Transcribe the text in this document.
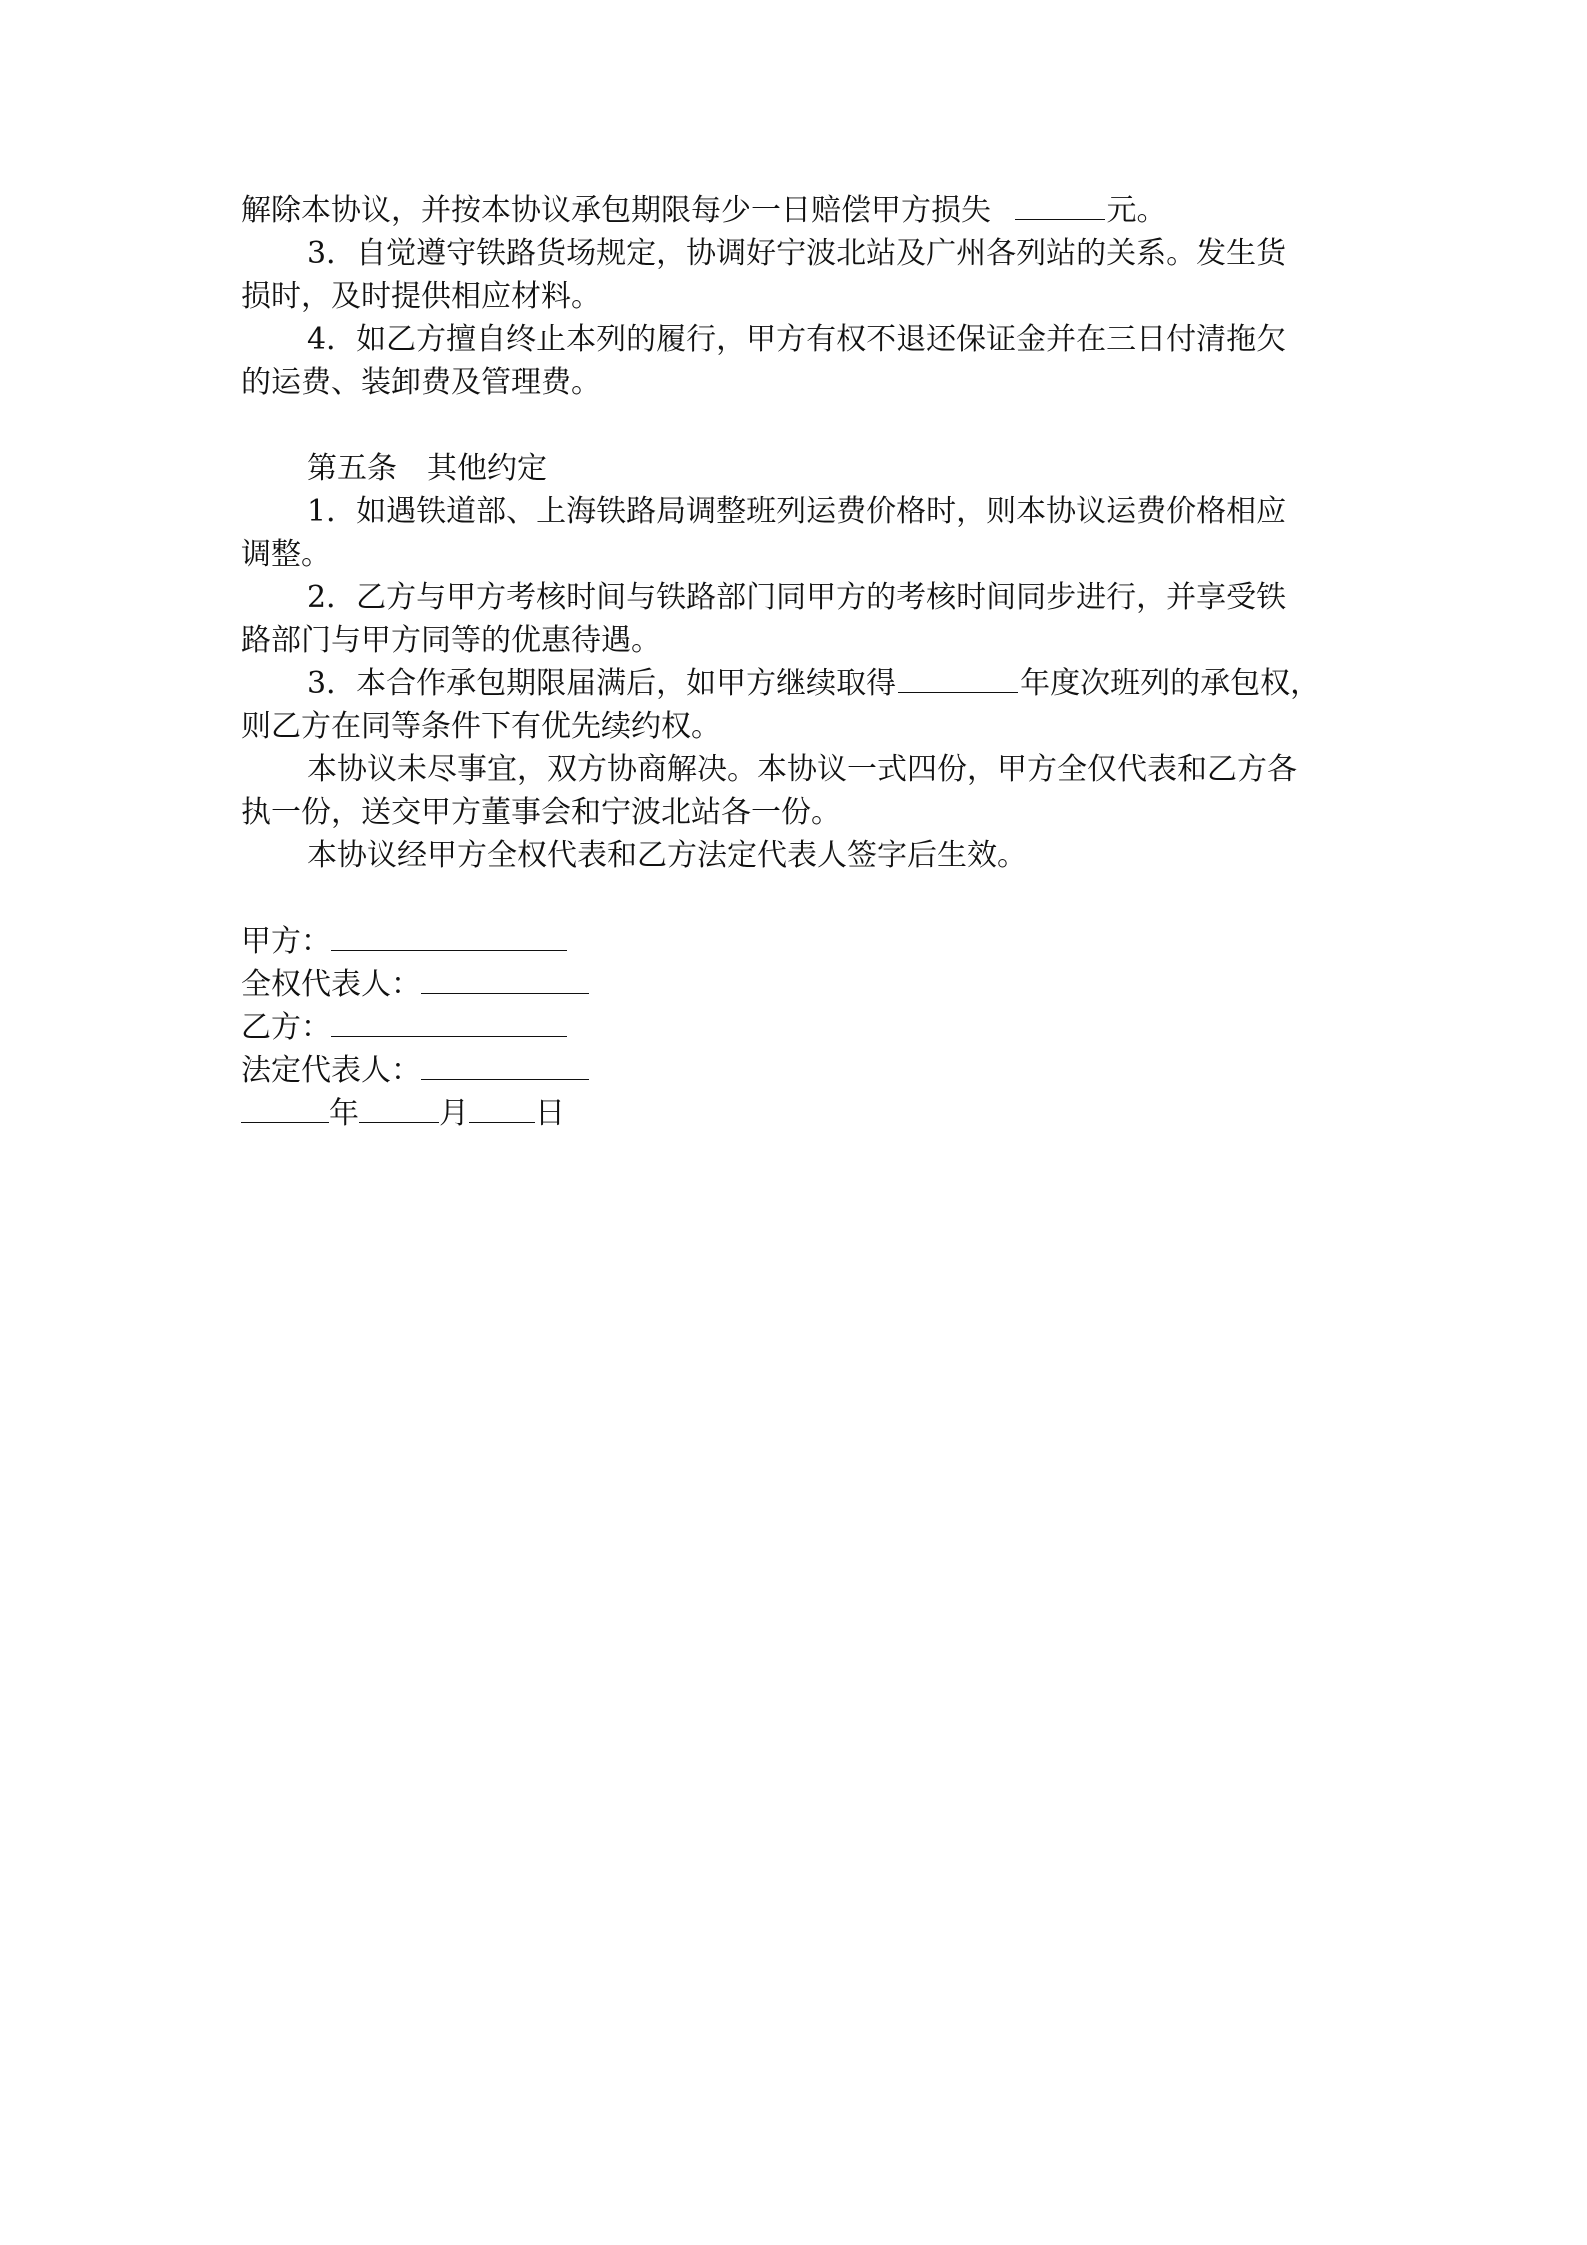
解除本协议，并按本协议承包期限每少一日赔偿甲方损失	元。

3．自觉遵守铁路货场规定，协调好宁波北站及广州各列站的关系。发生货

损时，及时提供相应材料。

4．如乙方擅自终止本列的履行，甲方有权不退还保证金并在三日付清拖欠

的运费、装卸费及管理费。

第五条　其他约定

1．如遇铁道部、上海铁路局调整班列运费价格时，则本协议运费价格相应

调整。

2．乙方与甲方考核时间与铁路部门同甲方的考核时间同步进行，并享受铁

路部门与甲方同等的优惠待遇。

3．本合作承包期限届满后，如甲方继续取得	年度次班列的承包权，

则乙方在同等条件下有优先续约权。

本协议未尽事宜，双方协商解决。本协议一式四份，甲方全仅代表和乙方各

执一份，送交甲方董事会和宁波北站各一份。

本协议经甲方全权代表和乙方法定代表人签字后生效。

甲方：

全权代表人：

乙方：

法定代表人：

年	月 日
